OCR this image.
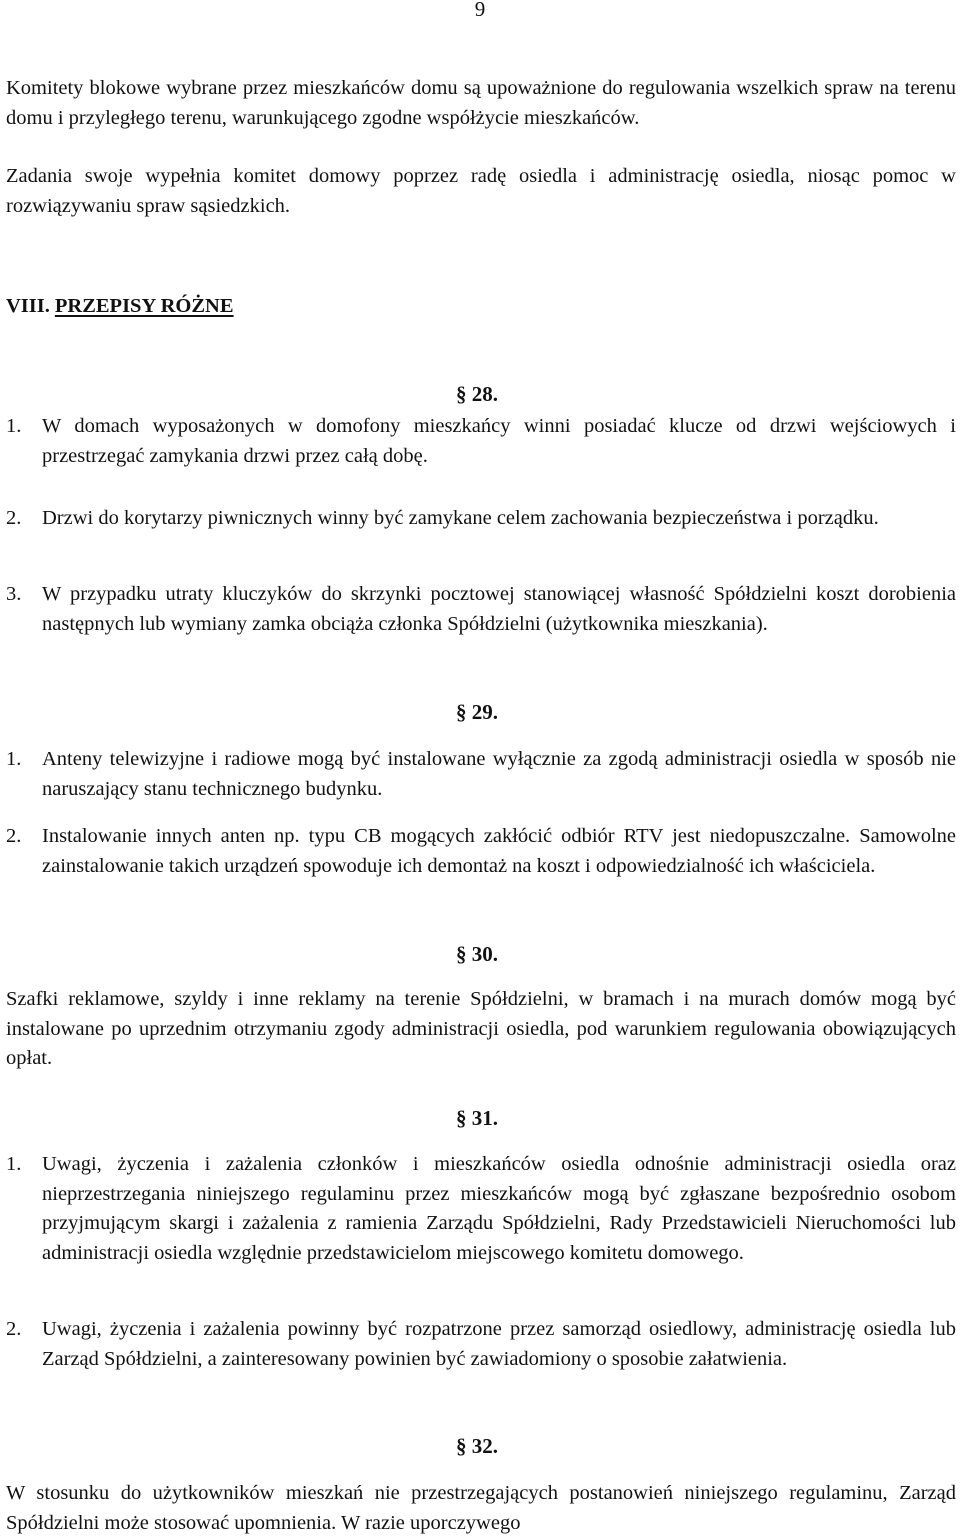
9

Komitety blokowe wybrane przez mieszkańców domu są upoważnione do regulowania wszelkich spraw na terenu domu i przyległego terenu, warunkującego zgodne współżycie mieszkańców.

Zadania swoje wypełnia komitet domowy poprzez radę osiedla i administrację osiedla, niosąc pomoc w rozwiązywaniu spraw sąsiedzkich.

VIII. PRZEPISY RÓŻNE
§ 28.
1. W domach wyposażonych w domofony mieszkańcy winni posiadać klucze od drzwi wejściowych i przestrzegać zamykania drzwi przez całą dobę.
2. Drzwi do korytarzy piwnicznych winny być zamykane celem zachowania bezpieczeństwa i porządku.
3. W przypadku utraty kluczyków do skrzynki pocztowej stanowiącej własność Spółdzielni koszt dorobienia następnych lub wymiany zamka obciąża członka Spółdzielni (użytkownika mieszkania).
§ 29.
1. Anteny telewizyjne i radiowe mogą być instalowane wyłącznie za zgodą administracji osiedla w sposób nie naruszający stanu technicznego budynku.
2. Instalowanie innych anten np. typu CB mogących zakłócić odbiór RTV jest niedopuszczalne. Samowolne zainstalowanie takich urządzeń spowoduje ich demontaż na koszt i odpowiedzialność ich właściciela.
§ 30.

Szafki reklamowe, szyldy i inne reklamy na terenie Spółdzielni, w bramach i na murach domów mogą być instalowane po uprzednim otrzymaniu zgody administracji osiedla, pod warunkiem regulowania obowiązujących opłat.

§ 31.
1. Uwagi, życzenia i zażalenia członków i mieszkańców osiedla odnośnie administracji osiedla oraz nieprzestrzegania niniejszego regulaminu przez mieszkańców mogą być zgłaszane bezpośrednio osobom przyjmującym skargi i zażalenia z ramienia Zarządu Spółdzielni, Rady Przedstawicieli Nieruchomości lub administracji osiedla względnie przedstawicielom miejscowego komitetu domowego.
2. Uwagi, życzenia i zażalenia powinny być rozpatrzone przez samorząd osiedlowy, administrację osiedla lub Zarząd Spółdzielni, a zainteresowany powinien być zawiadomiony o sposobie załatwienia.
§ 32.

W stosunku do użytkowników mieszkań nie przestrzegających postanowień niniejszego regulaminu, Zarząd Spółdzielni może stosować upomnienia. W razie uporczywego
